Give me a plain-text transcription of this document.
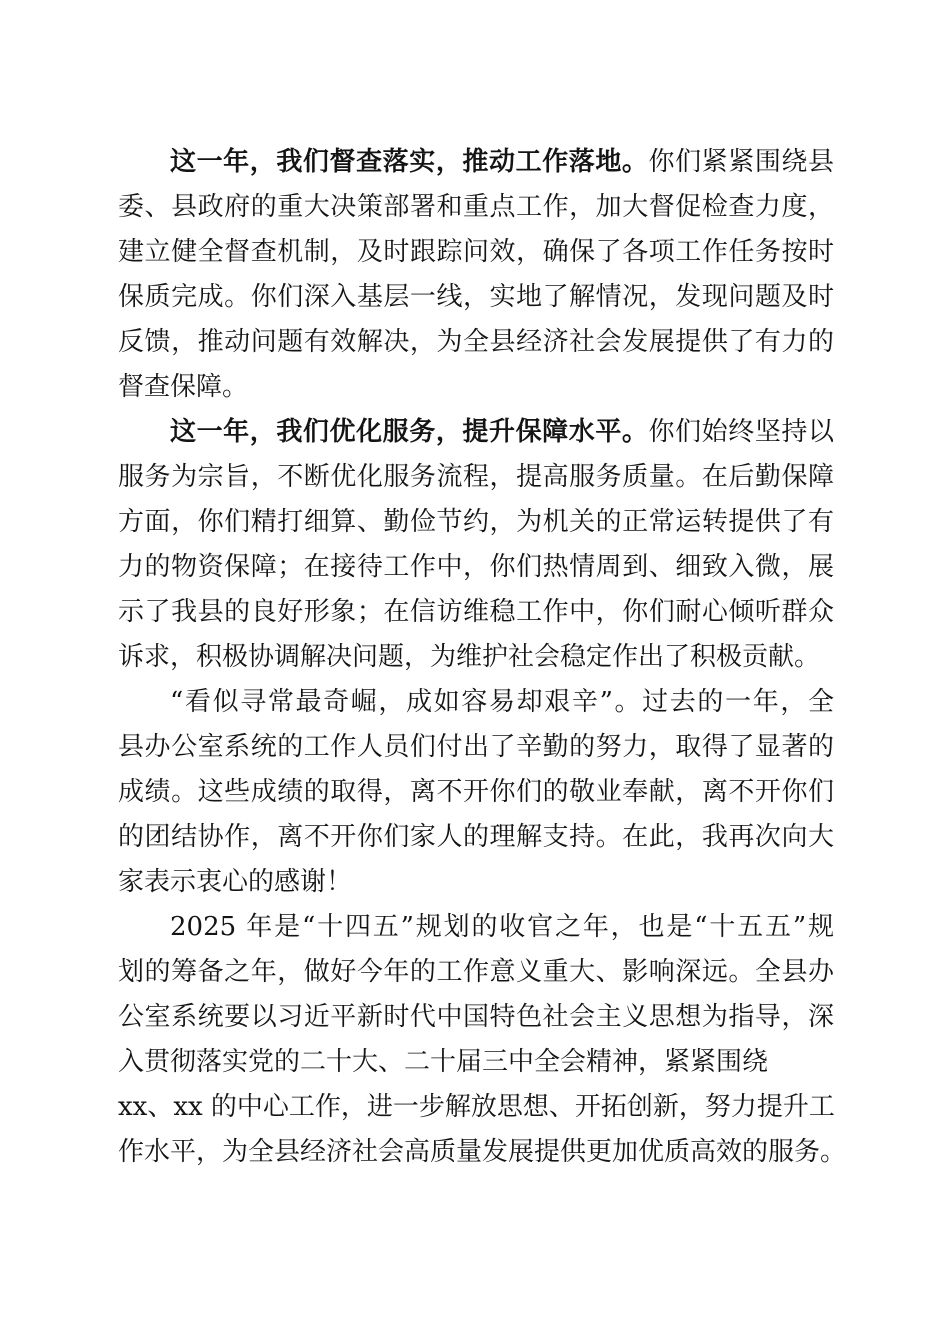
这一年，我们督查落实，推动工作落地。你们紧紧围绕县
委、县政府的重大决策部署和重点工作，加大督促检查力度，
建立健全督查机制，及时跟踪问效，确保了各项工作任务按时
保质完成。你们深入基层一线，实地了解情况，发现问题及时
反馈，推动问题有效解决，为全县经济社会发展提供了有力的
督查保障。
这一年，我们优化服务，提升保障水平。你们始终坚持以
服务为宗旨，不断优化服务流程，提高服务质量。在后勤保障
方面，你们精打细算、勤俭节约，为机关的正常运转提供了有
力的物资保障；在接待工作中，你们热情周到、细致入微，展
示了我县的良好形象；在信访维稳工作中，你们耐心倾听群众
诉求，积极协调解决问题，为维护社会稳定作出了积极贡献。
“看似寻常最奇崛，成如容易却艰辛”。过去的一年，全
县办公室系统的工作人员们付出了辛勤的努力，取得了显著的
成绩。这些成绩的取得，离不开你们的敬业奉献，离不开你们
的团结协作，离不开你们家人的理解支持。在此，我再次向大
家表示衷心的感谢！
2025 年是“十四五”规划的收官之年，也是“十五五”规
划的筹备之年，做好今年的工作意义重大、影响深远。全县办
公室系统要以习近平新时代中国特色社会主义思想为指导，深
入贯彻落实党的二十大、二十届三中全会精神，紧紧围绕
xx、xx 的中心工作，进一步解放思想、开拓创新，努力提升工
作水平，为全县经济社会高质量发展提供更加优质高效的服务。
